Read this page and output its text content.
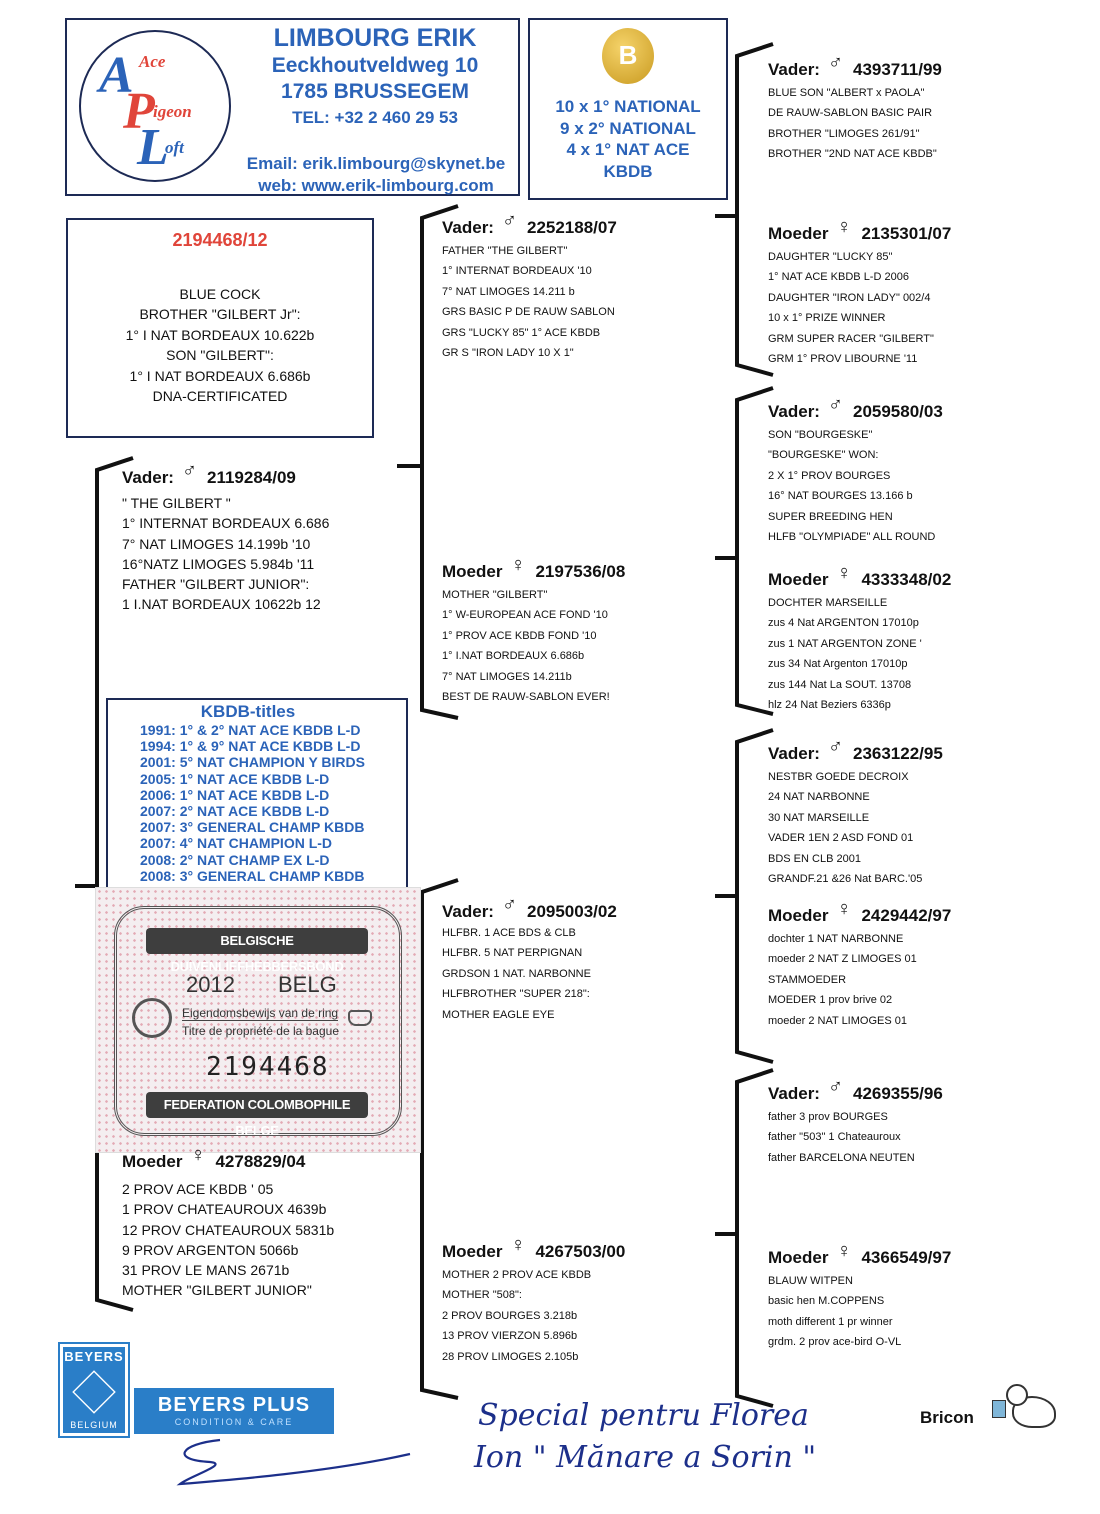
A Ace
P
igeon
L
oft
LIMBOURG ERIK
Eeckhoutveldweg 10
1785 BRUSSEGEM
TEL: +32 2 460 29 53
Email: erik.limbourg@skynet.be
web: www.erik-limbourg.com
B
10 x 1° NATIONAL
9 x 2° NATIONAL
4 x 1° NAT ACE
KBDB
2194468/12
BLUE COCK
BROTHER "GILBERT Jr":
1° I NAT BORDEAUX 10.622b
SON "GILBERT":
1° I NAT BORDEAUX 6.686b
DNA-CERTIFICATED
Vader: ♂ 2119284/09
" THE GILBERT "
1° INTERNAT BORDEAUX 6.686
7° NAT LIMOGES 14.199b '10
16°NATZ LIMOGES 5.984b '11
FATHER "GILBERT JUNIOR":
1 I.NAT BORDEAUX 10622b 12
KBDB-titles
1991: 1° & 2° NAT ACE KBDB L-D
1994: 1° & 9° NAT ACE KBDB L-D
2001: 5° NAT CHAMPION Y BIRDS
2005: 1° NAT ACE KBDB L-D
2006: 1° NAT ACE KBDB L-D
2007: 2° NAT ACE KBDB L-D
2007: 3° GENERAL CHAMP KBDB
2007: 4° NAT CHAMPION L-D
2008: 2° NAT CHAMP EX L-D
2008: 3° GENERAL CHAMP KBDB
BELGISCHE DUIVENLIEFHEBBERSBOND
2012 BELG
Eigendomsbewijs van de ring
Titre de propriété de la bague
2194468
FEDERATION COLOMBOPHILE BELGE
Moeder ♀ 4278829/04
2 PROV ACE KBDB ' 05
1 PROV CHATEAUROUX 4639b
12 PROV CHATEAUROUX 5831b
9 PROV ARGENTON 5066b
31 PROV LE MANS 2671b
MOTHER "GILBERT JUNIOR"
Vader: ♂ 2252188/07
FATHER "THE GILBERT"
1° INTERNAT BORDEAUX '10
7° NAT LIMOGES 14.211 b
GRS BASIC P DE RAUW SABLON
GRS "LUCKY 85" 1° ACE KBDB
GR S "IRON LADY 10 X 1"
Moeder ♀ 2197536/08
MOTHER "GILBERT"
1° W-EUROPEAN ACE FOND '10
1° PROV ACE KBDB FOND '10
1° I.NAT BORDEAUX 6.686b
7° NAT LIMOGES 14.211b
BEST DE RAUW-SABLON EVER!
Vader: ♂ 2095003/02
HLFBR. 1 ACE BDS & CLB
HLFBR. 5 NAT PERPIGNAN
GRDSON 1 NAT. NARBONNE
HLFBROTHER "SUPER 218":
MOTHER EAGLE EYE
Moeder ♀ 4267503/00
MOTHER 2 PROV ACE KBDB
MOTHER "508":
2 PROV BOURGES 3.218b
13 PROV VIERZON 5.896b
28 PROV LIMOGES 2.105b
Vader: ♂ 4393711/99
BLUE SON "ALBERT x PAOLA"
DE RAUW-SABLON BASIC PAIR
BROTHER "LIMOGES 261/91"
BROTHER "2ND NAT ACE KBDB"
Moeder ♀ 2135301/07
DAUGHTER "LUCKY 85"
1° NAT ACE KBDB L-D 2006
DAUGHTER "IRON LADY" 002/4
10 x 1° PRIZE WINNER
GRM SUPER RACER "GILBERT"
GRM 1° PROV LIBOURNE '11
Vader: ♂ 2059580/03
SON "BOURGESKE"
"BOURGESKE" WON:
2 X 1° PROV BOURGES
16° NAT BOURGES 13.166 b
SUPER BREEDING HEN
HLFB "OLYMPIADE" ALL ROUND
Moeder ♀ 4333348/02
DOCHTER MARSEILLE
zus 4 Nat ARGENTON 17010p
zus 1 NAT ARGENTON ZONE '
zus 34 Nat Argenton 17010p
zus 144 Nat La SOUT. 13708
hlz 24 Nat Beziers 6336p
Vader: ♂ 2363122/95
NESTBR GOEDE DECROIX
24 NAT NARBONNE
30 NAT MARSEILLE
VADER 1EN 2 ASD FOND 01
BDS EN CLB 2001
GRANDF.21 &26 Nat BARC.'05
Moeder ♀ 2429442/97
dochter 1 NAT NARBONNE
moeder 2 NAT Z LIMOGES 01
STAMMOEDER
MOEDER 1 prov brive 02
moeder 2 NAT LIMOGES 01
Vader: ♂ 4269355/96
father 3 prov BOURGES
father "503" 1 Chateauroux
father BARCELONA NEUTEN
Moeder ♀ 4366549/97
BLAUW WITPEN
basic hen M.COPPENS
moth different 1 pr winner
grdm. 2 prov ace-bird O-VL
BEYERS
BELGIUM
BEYERS PLUS
CONDITION & CARE	Special pentru Florea
Ion " Mănare a Sorin "
Bricon
